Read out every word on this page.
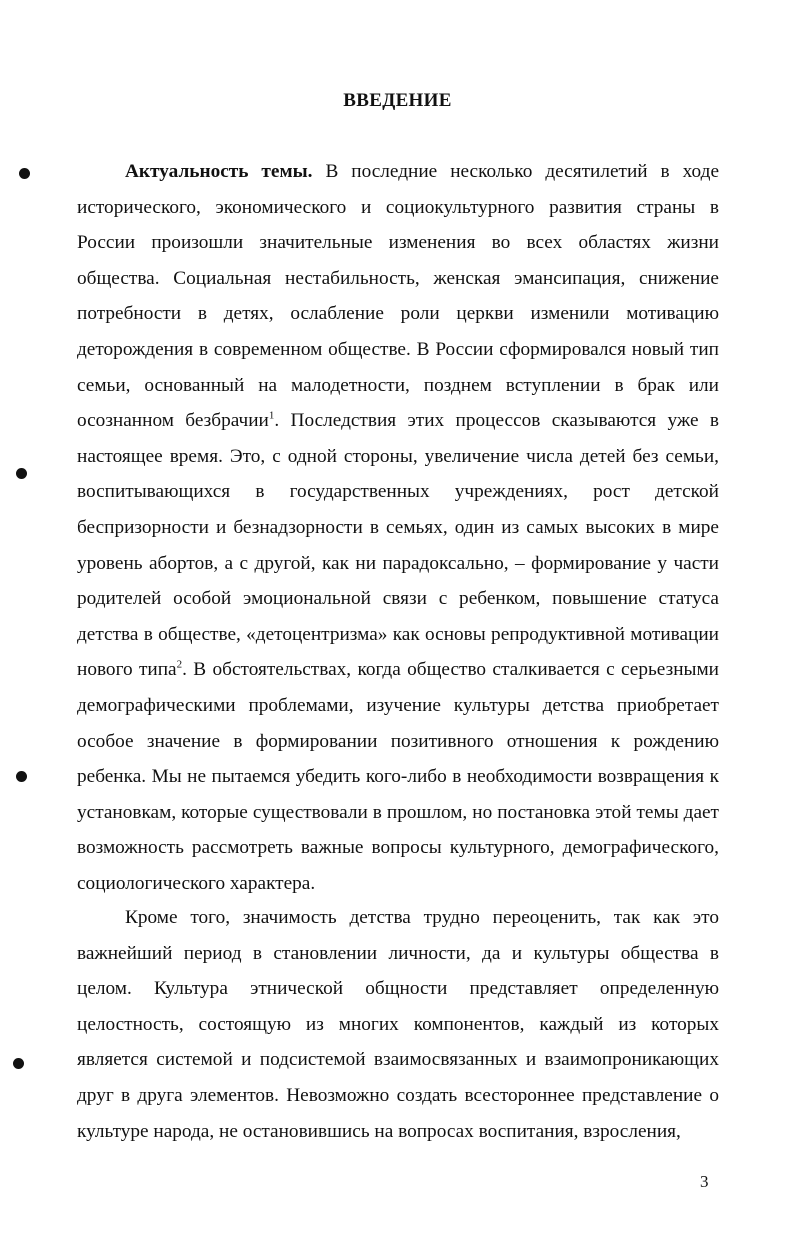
ВВЕДЕНИЕ

Актуальность темы. В последние несколько десятилетий в ходе исторического, экономического и социокультурного развития страны в России произошли значительные изменения во всех областях жизни общества. Социальная нестабильность, женская эмансипация, снижение потребности в детях, ослабление роли церкви изменили мотивацию деторождения в современном обществе. В России сформировался новый тип семьи, основанный на малодетности, позднем вступлении в брак или осознанном безбрачии$^1$. Последствия этих процессов сказываются уже в настоящее время. Это, с одной стороны, увеличение числа детей без семьи, воспитывающихся в государственных учреждениях, рост детской беспризорности и безнадзорности в семьях, один из самых высоких в мире уровень абортов, а с другой, как ни парадоксально, – формирование у части родителей особой эмоциональной связи с ребенком, повышение статуса детства в обществе, «детоцентризма» как основы репродуктивной мотивации нового типа$^2$. В обстоятельствах, когда общество сталкивается с серьезными демографическими проблемами, изучение культуры детства приобретает особое значение в формировании позитивного отношения к рождению ребенка. Мы не пытаемся убедить кого-либо в необходимости возвращения к установкам, которые существовали в прошлом, но постановка этой темы дает возможность рассмотреть важные вопросы культурного, демографического, социологического характера.

Кроме того, значимость детства трудно переоценить, так как это важнейший период в становлении личности, да и культуры общества в целом. Культура этнической общности представляет определенную целостность, состоящую из многих компонентов, каждый из которых является системой и подсистемой взаимосвязанных и взаимопроникающих друг в друга элементов. Невозможно создать всестороннее представление о культуре народа, не остановившись на вопросах воспитания, взросления,

3
